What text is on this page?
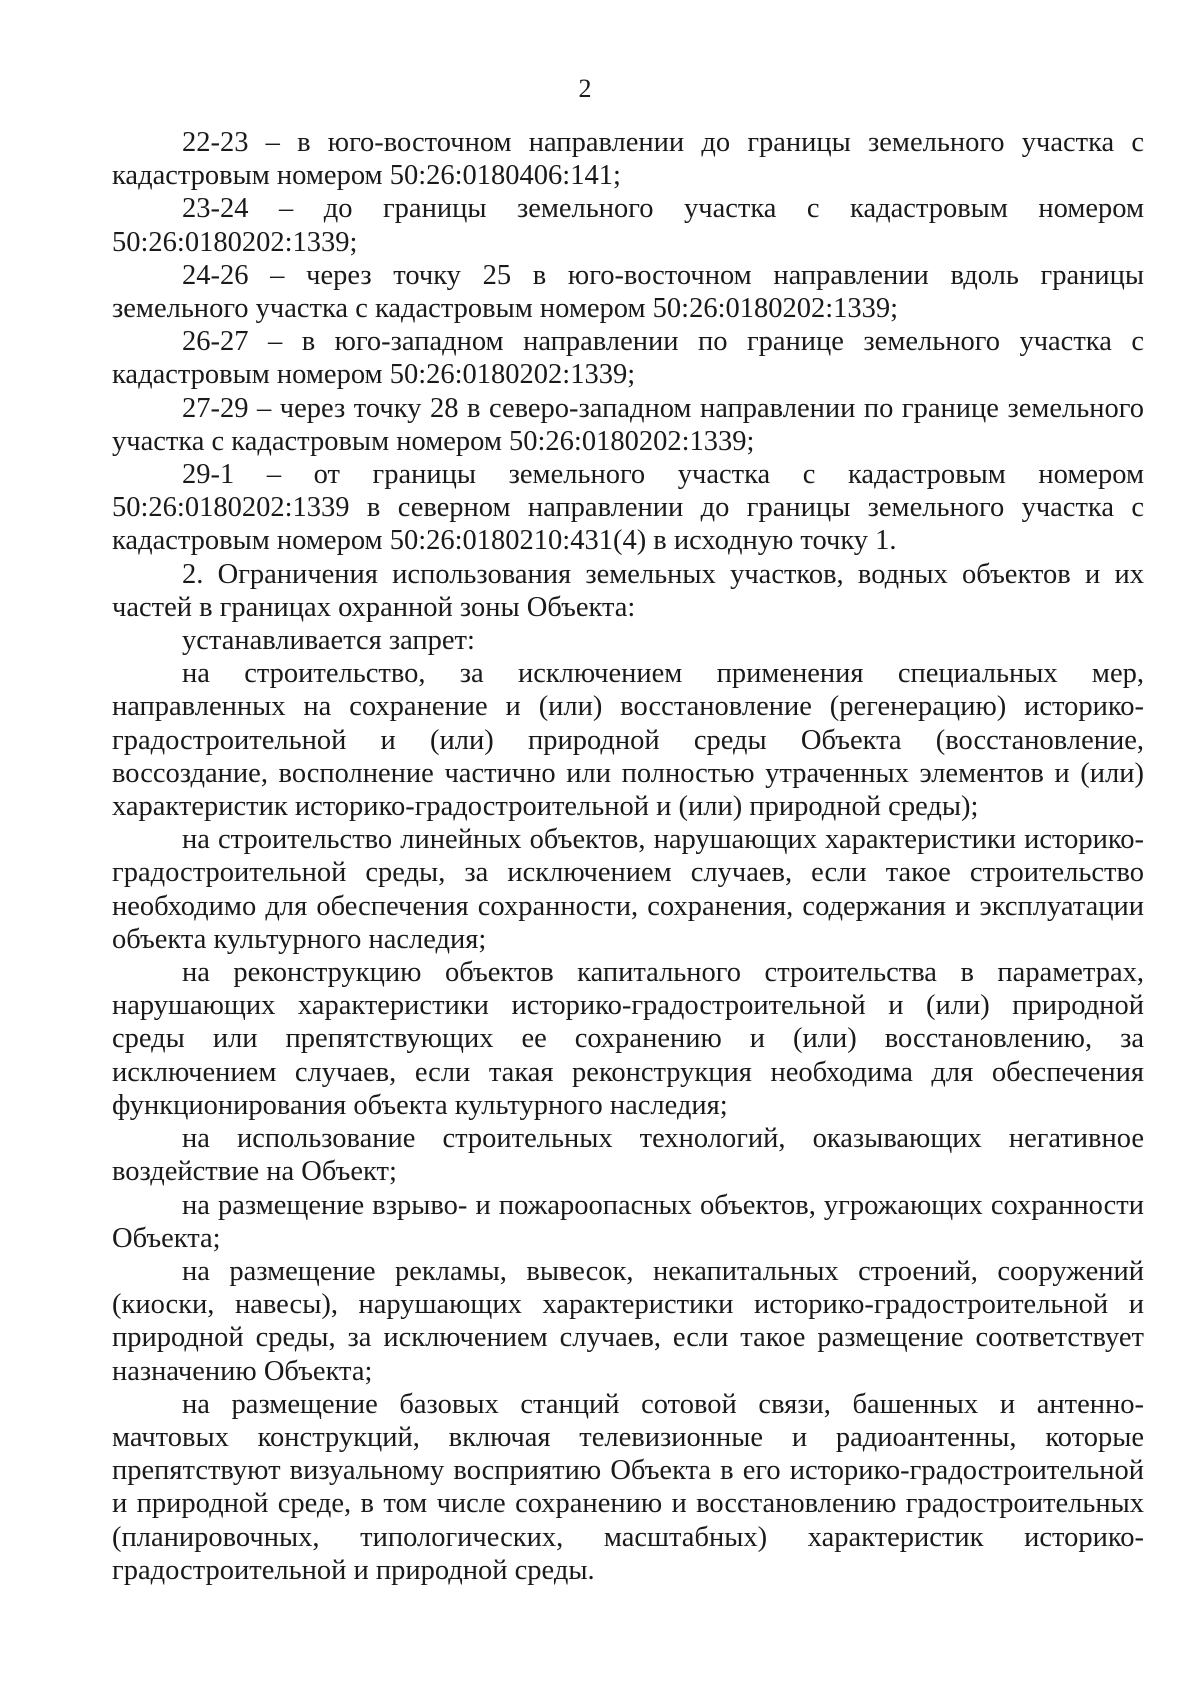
2

22-23 – в юго-восточном направлении до границы земельного участка с кадастровым номером 50:26:0180406:141;

23-24 – до границы земельного участка с кадастровым номером 50:26:0180202:1339;

24-26 – через точку 25 в юго-восточном направлении вдоль границы земельного участка с кадастровым номером 50:26:0180202:1339;

26-27 – в юго-западном направлении по границе земельного участка с кадастровым номером 50:26:0180202:1339;

27-29 – через точку 28 в северо-западном направлении по границе земельного участка с кадастровым номером 50:26:0180202:1339;

29-1 – от границы земельного участка с кадастровым номером 50:26:0180202:1339 в северном направлении до границы земельного участка с кадастровым номером 50:26:0180210:431(4) в исходную точку 1.

2. Ограничения использования земельных участков, водных объектов и их частей в границах охранной зоны Объекта:

устанавливается запрет:

на строительство, за исключением применения специальных мер, направленных на сохранение и (или) восстановление (регенерацию) историко-градостроительной и (или) природной среды Объекта (восстановление, воссоздание, восполнение частично или полностью утраченных элементов и (или) характеристик историко-градостроительной и (или) природной среды);

на строительство линейных объектов, нарушающих характеристики историко-градостроительной среды, за исключением случаев, если такое строительство необходимо для обеспечения сохранности, сохранения, содержания и эксплуатации объекта культурного наследия;

на реконструкцию объектов капитального строительства в параметрах, нарушающих характеристики историко-градостроительной и (или) природной среды или препятствующих ее сохранению и (или) восстановлению, за исключением случаев, если такая реконструкция необходима для обеспечения функционирования объекта культурного наследия;

на использование строительных технологий, оказывающих негативное воздействие на Объект;

на размещение взрыво- и пожароопасных объектов, угрожающих сохранности Объекта;

на размещение рекламы, вывесок, некапитальных строений, сооружений (киоски, навесы), нарушающих характеристики историко-градостроительной и природной среды, за исключением случаев, если такое размещение соответствует назначению Объекта;

на размещение базовых станций сотовой связи, башенных и антенно-мачтовых конструкций, включая телевизионные и радиоантенны, которые препятствуют визуальному восприятию Объекта в его историко-градостроительной и природной среде, в том числе сохранению и восстановлению градостроительных (планировочных, типологических, масштабных) характеристик историко-градостроительной и природной среды.
